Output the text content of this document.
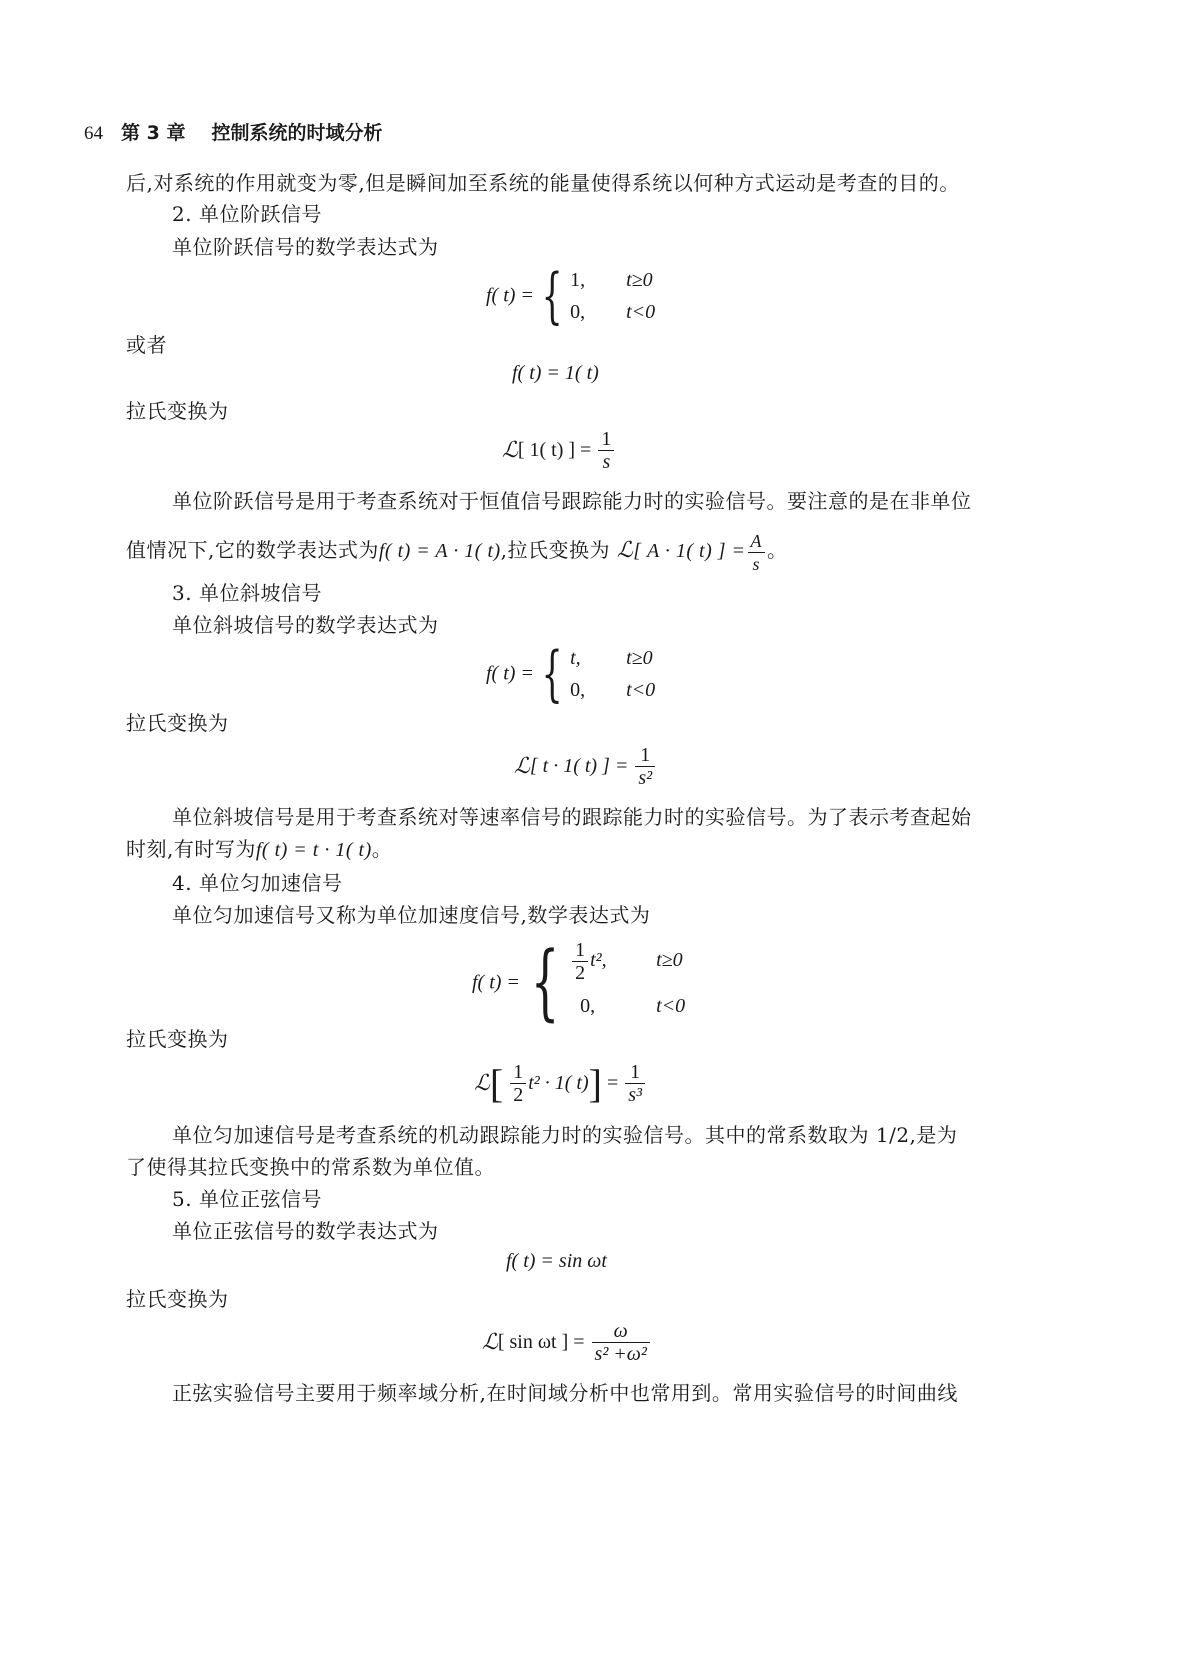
64 第 3 章 控制系统的时域分析
后,对系统的作用就变为零,但是瞬间加至系统的能量使得系统以何种方式运动是考查的目的。
2. 单位阶跃信号
单位阶跃信号的数学表达式为
f( t) = { 1, t≥0
0, t<0
或者
f( t) = 1( t)
拉氏变换为
ℒ[ 1( t) ] = $\frac{1}{s}$
单位阶跃信号是用于考查系统对于恒值信号跟踪能力时的实验信号。要注意的是在非单位
值情况下,它的数学表达式为f( t) = A · 1( t),拉氏变换为 ℒ[ A · 1( t) ] = $\frac{A}{s}$ 。
3. 单位斜坡信号
单位斜坡信号的数学表达式为
f( t) = { t, t≥0
0, t<0
拉氏变换为
ℒ[ t · 1( t) ] = $\frac{1}{\text{s²}}$
单位斜坡信号是用于考查系统对等速率信号的跟踪能力时的实验信号。为了表示考查起始
时刻,有时写为f( t) = t · 1( t)。
4. 单位匀加速信号
单位匀加速信号又称为单位加速度信号,数学表达式为
f( t) = { $\frac{1}{2} t^2$, t≥0
0,	t<0
拉氏变换为
ℒ[ $\frac{1}{2} t^2 \cdot 1$( $t)] = \frac{1}{\text{s³}}$
单位匀加速信号是考查系统的机动跟踪能力时的实验信号。其中的常系数取为 1/2,是为
了使得其拉氏变换中的常系数为单位值。
5. 单位正弦信号
单位正弦信号的数学表达式为
f( t) = sin ωt
拉氏变换为
ℒ[ sin ωt ] = $\frac{\omega}{\text{s² +ω²}}$
正弦实验信号主要用于频率域分析,在时间域分析中也常用到。常用实验信号的时间曲线
